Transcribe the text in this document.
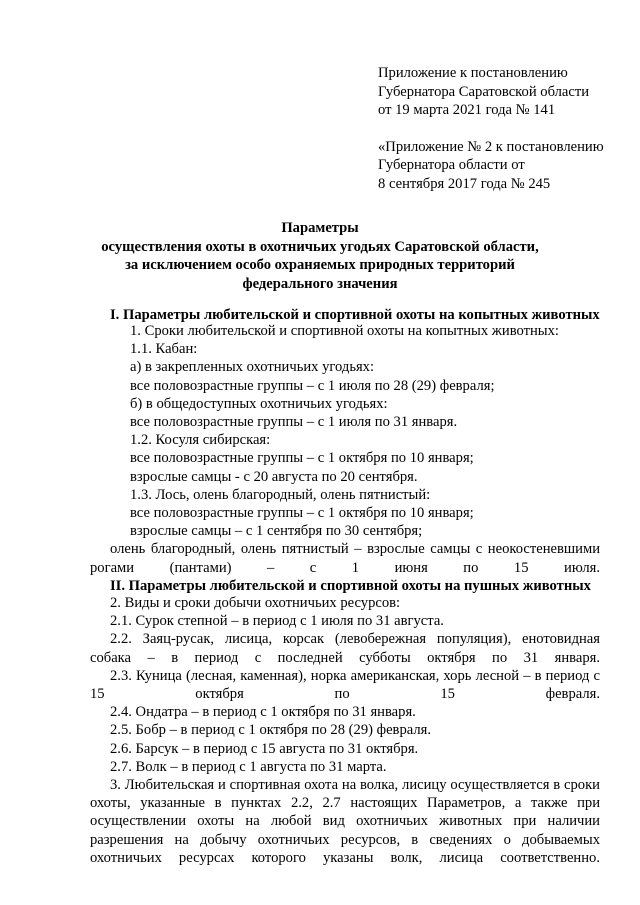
Приложение к постановлению

Губернатора Саратовской области

от 19 марта 2021 года № 141

«Приложение № 2 к постановлению

Губернатора области от

8 сентября 2017 года № 245

Параметры
осуществления охоты в охотничьих угодьях Саратовской области,
за исключением особо охраняемых природных территорий
федерального значения
I. Параметры любительской и спортивной охоты на копытных животных

1. Сроки любительской и спортивной охоты на копытных животных:

1.1. Кабан:

а) в закрепленных охотничьих угодьях:

все половозрастные группы – с 1 июля по 28 (29) февраля;

б) в общедоступных охотничьих угодьях:

все половозрастные группы – с 1 июля по 31 января.

1.2. Косуля сибирская:

все половозрастные группы – с 1 октября по 10 января;

взрослые самцы - с 20 августа по 20 сентября.

1.3. Лось, олень благородный, олень пятнистый:

все половозрастные группы – с 1 октября по 10 января;

взрослые самцы – с 1 сентября по 30 сентября;

олень благородный, олень пятнистый – взрослые самцы с неокостеневшими рогами (пантами) – с 1 июня по 15 июля.

II. Параметры любительской и спортивной охоты на пушных животных

2. Виды и сроки добычи охотничьих ресурсов:

2.1. Сурок степной – в период с 1 июля по 31 августа.

2.2. Заяц-русак, лисица, корсак (левобережная популяция), енотовидная собака – в период с последней субботы октября по 31 января.

2.3. Куница (лесная, каменная), норка американская, хорь лесной – в период с 15 октября по 15 февраля.

2.4. Ондатра – в период с 1 октября по 31 января.

2.5. Бобр – в период с 1 октября по 28 (29) февраля.

2.6. Барсук – в период с 15 августа по 31 октября.

2.7. Волк – в период с 1 августа по 31 марта.

3. Любительская и спортивная охота на волка, лисицу осуществляется в сроки охоты, указанные в пунктах 2.2, 2.7 настоящих Параметров, а также при осуществлении охоты на любой вид охотничьих животных при наличии разрешения на добычу охотничьих ресурсов, в сведениях о добываемых охотничьих ресурсах которого указаны волк, лисица соответственно.
